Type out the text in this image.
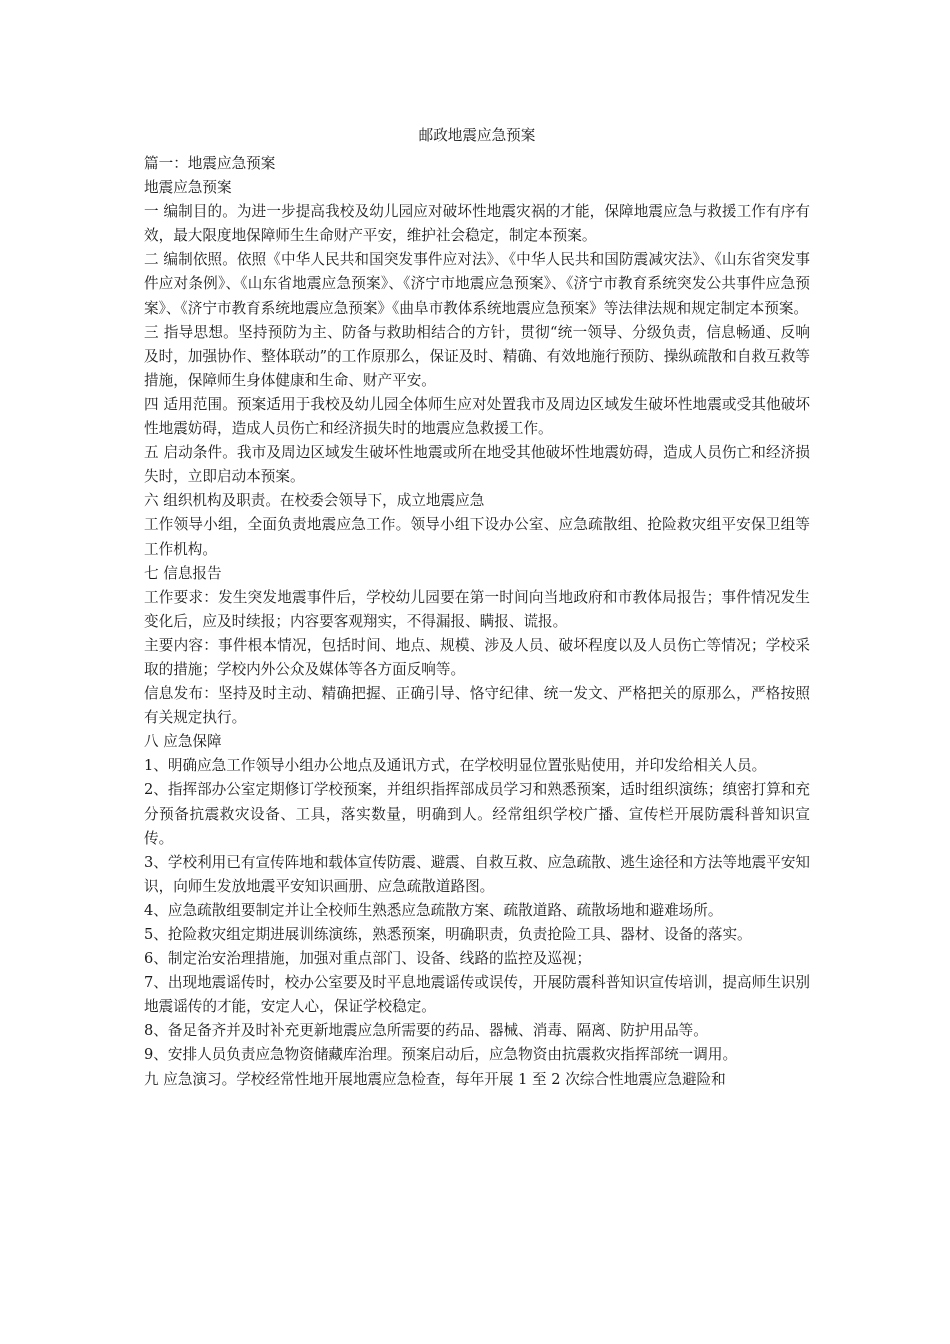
邮政地震应急预案

篇一：地震应急预案

地震应急预案

一 编制目的。为进一步提高我校及幼儿园应对破坏性地震灾祸的才能，保障地震应急与救援工作有序有效，最大限度地保障师生生命财产平安，维护社会稳定，制定本预案。

二 编制依照。依照《中华人民共和国突发事件应对法》、《中华人民共和国防震减灾法》、《山东省突发事件应对条例》、《山东省地震应急预案》、《济宁市地震应急预案》、《济宁市教育系统突发公共事件应急预案》、《济宁市教育系统地震应急预案》《曲阜市教体系统地震应急预案》等法律法规和规定制定本预案。

三 指导思想。坚持预防为主、防备与救助相结合的方针，贯彻“统一领导、分级负责，信息畅通、反响及时，加强协作、整体联动”的工作原那么，保证及时、精确、有效地施行预防、操纵疏散和自救互救等措施，保障师生身体健康和生命、财产平安。

四 适用范围。预案适用于我校及幼儿园全体师生应对处置我市及周边区域发生破坏性地震或受其他破坏性地震妨碍，造成人员伤亡和经济损失时的地震应急救援工作。

五 启动条件。我市及周边区域发生破坏性地震或所在地受其他破坏性地震妨碍，造成人员伤亡和经济损失时，立即启动本预案。

六 组织机构及职责。在校委会领导下，成立地震应急

工作领导小组，全面负责地震应急工作。领导小组下设办公室、应急疏散组、抢险救灾组平安保卫组等工作机构。

七 信息报告

工作要求：发生突发地震事件后，学校幼儿园要在第一时间向当地政府和市教体局报告；事件情况发生变化后，应及时续报；内容要客观翔实，不得漏报、瞒报、谎报。

主要内容：事件根本情况，包括时间、地点、规模、涉及人员、破坏程度以及人员伤亡等情况；学校采取的措施；学校内外公众及媒体等各方面反响等。

信息发布：坚持及时主动、精确把握、正确引导、恪守纪律、统一发文、严格把关的原那么，严格按照有关规定执行。

八 应急保障

1、明确应急工作领导小组办公地点及通讯方式，在学校明显位置张贴使用，并印发给相关人员。

2、指挥部办公室定期修订学校预案，并组织指挥部成员学习和熟悉预案，适时组织演练；缜密打算和充分预备抗震救灾设备、工具，落实数量，明确到人。经常组织学校广播、宣传栏开展防震科普知识宣传。

3、学校利用已有宣传阵地和载体宣传防震、避震、自救互救、应急疏散、逃生途径和方法等地震平安知识，向师生发放地震平安知识画册、应急疏散道路图。

4、应急疏散组要制定并让全校师生熟悉应急疏散方案、疏散道路、疏散场地和避难场所。

5、抢险救灾组定期进展训练演练，熟悉预案，明确职责，负责抢险工具、器材、设备的落实。

6、制定治安治理措施，加强对重点部门、设备、线路的监控及巡视；

7、出现地震谣传时，校办公室要及时平息地震谣传或误传，开展防震科普知识宣传培训，提高师生识别地震谣传的才能，安定人心，保证学校稳定。

8、备足备齐并及时补充更新地震应急所需要的药品、器械、消毒、隔离、防护用品等。

9、安排人员负责应急物资储藏库治理。预案启动后，应急物资由抗震救灾指挥部统一调用。

九 应急演习。学校经常性地开展地震应急检查，每年开展 1 至 2 次综合性地震应急避险和
